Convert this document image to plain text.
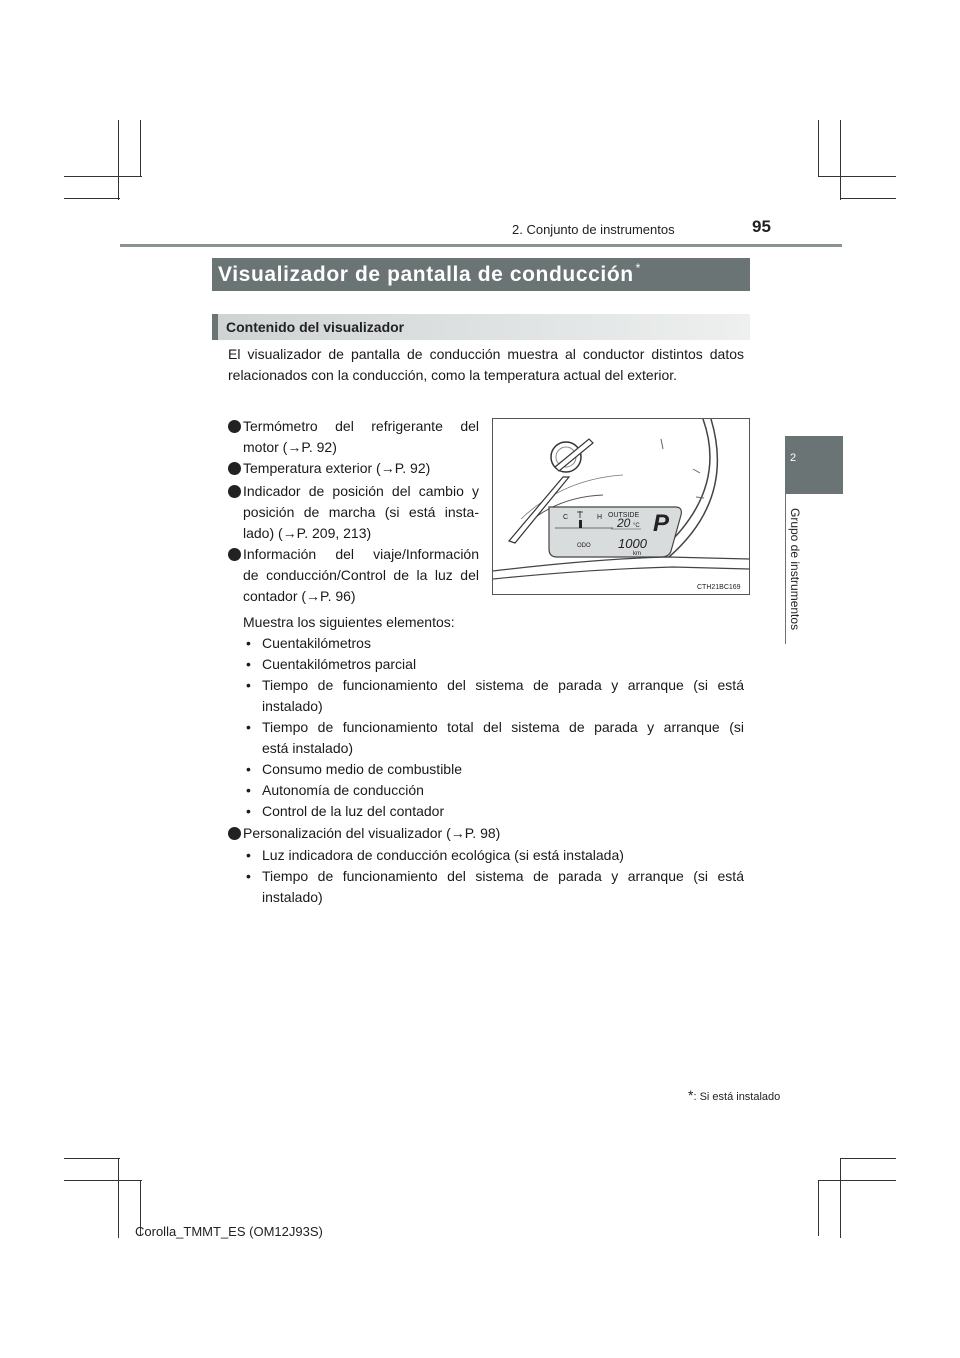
2. Conjunto de instrumentos	95
2
Grupo de instrumentos
Visualizador de pantalla de conducción *
Contenido del visualizador
El visualizador de pantalla de conducción muestra al conductor distintos datos relacionados con la conducción, como la temperatura actual del exterior.
Termómetro del refrigerante del
motor (→P. 92)
Temperatura exterior (→P. 92)
Indicador de posición del cambio y
posición de marcha (si está insta-
lado) (→P. 209, 213)
Información del viaje/Información
de conducción/Control de la luz del
contador (→P. 96)
C	H OUTSIDE
20 °C P
ODO 1000
km
CTH21BC169
Muestra los siguientes elementos:
• Cuentakilómetros
• Cuentakilómetros parcial
• Tiempo de funcionamiento del sistema de parada y arranque (si está
instalado)
• Tiempo de funcionamiento total del sistema de parada y arranque (si
está instalado)
• Consumo medio de combustible
• Autonomía de conducción
• Control de la luz del contador
Personalización del visualizador (→P. 98)
• Luz indicadora de conducción ecológica (si está instalada)
• Tiempo de funcionamiento del sistema de parada y arranque (si está
instalado)
*: Si está instalado
Corolla_TMMT_ES (OM12J93S)
